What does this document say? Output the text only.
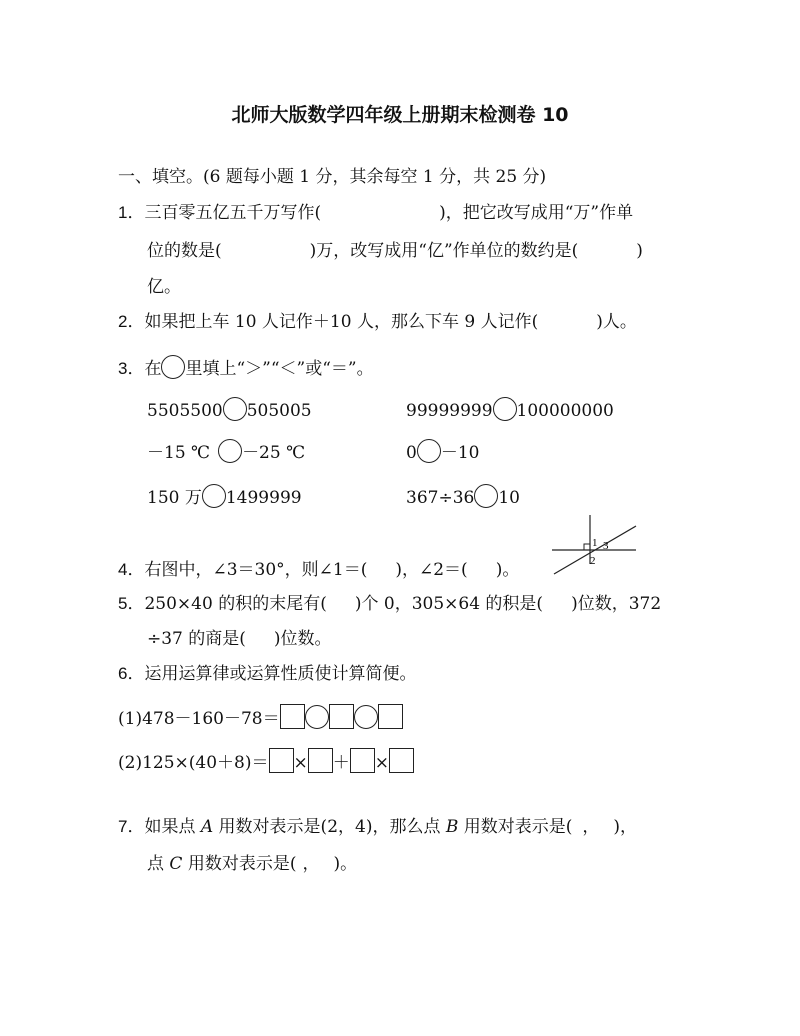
北师大版数学四年级上册期末检测卷 10
一、填空。(6 题每小题 1 分，其余每空 1 分，共 25 分)
1．三百零五亿五千万写作(	)，把它改写成用“万”作单
位的数是(	)万，改写成用“亿”作单位的数约是(	)
亿。
2．如果把上车 10 人记作＋10 人，那么下车 9 人记作(	)人。
3．在 里填上“＞”“＜”或“＝”。
5505500 505005	99999999 100000000
－15 ℃ －25 ℃	0 －10
150 万 1499999	367÷36 10
4．右图中，∠3＝30°，则∠1＝( )，∠2＝( )。
1 3
2
5．250×40 的积的末尾有( )个 0，305×64 的积是( )位数，372
÷37 的商是( )位数。
6．运用运算律或运算性质使计算简便。
(1)478－160－78＝
(2)125×(40＋8)＝ × ＋ ×
7．如果点 A 用数对表示是(2，4)，那么点 B 用数对表示是( ， )，
点 C 用数对表示是( ， )。
